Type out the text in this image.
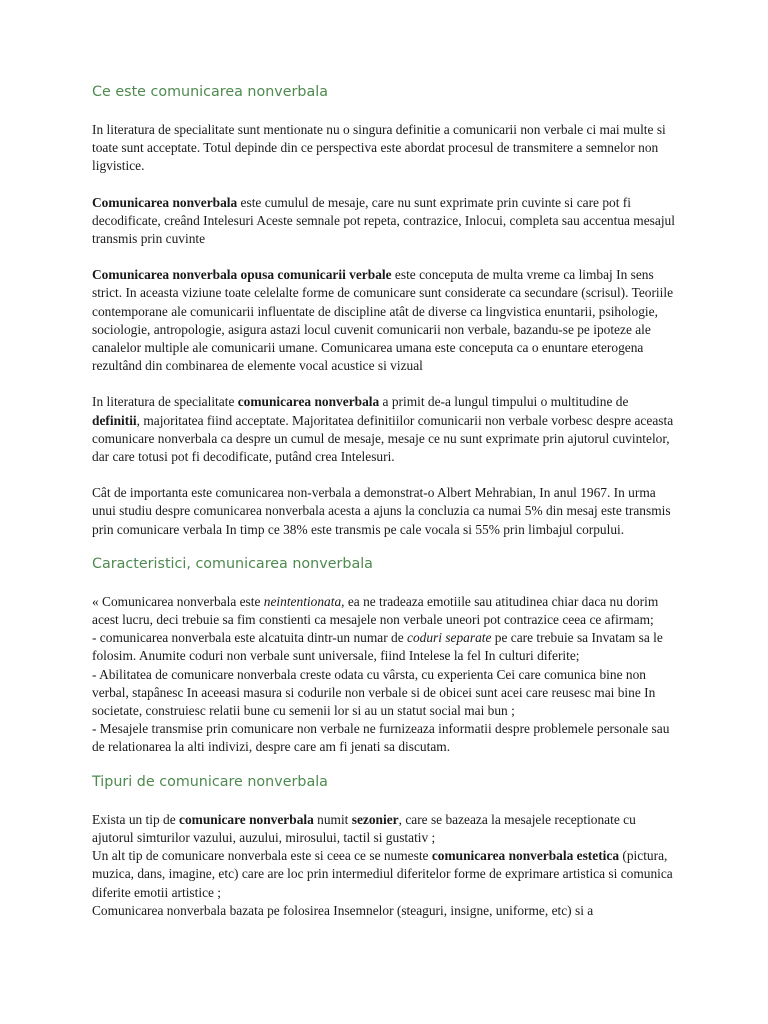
Ce este comunicarea nonverbala

In literatura de specialitate sunt mentionate nu o singura definitie a comunicarii non verbale ci mai multe si toate sunt acceptate. Totul depinde din ce perspectiva este abordat procesul de transmitere a semnelor non ligvistice.

Comunicarea nonverbala este cumulul de mesaje, care nu sunt exprimate prin cuvinte si care pot fi decodificate, creând Intelesuri Aceste semnale pot repeta, contrazice, Inlocui, completa sau accentua mesajul transmis prin cuvinte

Comunicarea nonverbala opusa comunicarii verbale este conceputa de multa vreme ca limbaj In sens strict. In aceasta viziune toate celelalte forme de comunicare sunt considerate ca secundare (scrisul). Teoriile contemporane ale comunicarii influentate de discipline atât de diverse ca lingvistica enuntarii, psihologie, sociologie, antropologie, asigura astazi locul cuvenit comunicarii non verbale, bazandu-se pe ipoteze ale canalelor multiple ale comunicarii umane. Comunicarea umana este conceputa ca o enuntare eterogena rezultând din combinarea de elemente vocal acustice si vizual

In literatura de specialitate comunicarea nonverbala a primit de-a lungul timpului o multitudine de definitii, majoritatea fiind acceptate. Majoritatea definitiilor comunicarii non verbale vorbesc despre aceasta comunicare nonverbala ca despre un cumul de mesaje, mesaje ce nu sunt exprimate prin ajutorul cuvintelor, dar care totusi pot fi decodificate, putând crea Intelesuri.

Cât de importanta este comunicarea non-verbala a demonstrat-o Albert Mehrabian, In anul 1967. In urma unui studiu despre comunicarea nonverbala acesta a ajuns la concluzia ca numai 5% din mesaj este transmis prin comunicare verbala In timp ce 38% este transmis pe cale vocala si 55% prin limbajul corpului.

Caracteristici, comunicarea nonverbala

« Comunicarea nonverbala este neintentionata, ea ne tradeaza emotiile sau atitudinea chiar daca nu dorim acest lucru, deci trebuie sa fim constienti ca mesajele non verbale uneori pot contrazice ceea ce afirmam;

- comunicarea nonverbala este alcatuita dintr-un numar de coduri separate pe care trebuie sa Invatam sa le folosim. Anumite coduri non verbale sunt universale, fiind Intelese la fel In culturi diferite;

- Abilitatea de comunicare nonverbala creste odata cu vârsta, cu experienta Cei care comunica bine non verbal, stapânesc In aceeasi masura si codurile non verbale si de obicei sunt acei care reusesc mai bine In societate, construiesc relatii bune cu semenii lor si au un statut social mai bun ;

- Mesajele transmise prin comunicare non verbale ne furnizeaza informatii despre problemele personale sau de relationarea la alti indivizi, despre care am fi jenati sa discutam.

Tipuri de comunicare nonverbala

Exista un tip de comunicare nonverbala numit sezonier, care se bazeaza la mesajele receptionate cu ajutorul simturilor vazului, auzului, mirosului, tactil si gustativ ;

Un alt tip de comunicare nonverbala este si ceea ce se numeste comunicarea nonverbala estetica (pictura, muzica, dans, imagine, etc) care are loc prin intermediul diferitelor forme de exprimare artistica si comunica diferite emotii artistice ;

Comunicarea nonverbala bazata pe folosirea Insemnelor (steaguri, insigne, uniforme, etc) si a
